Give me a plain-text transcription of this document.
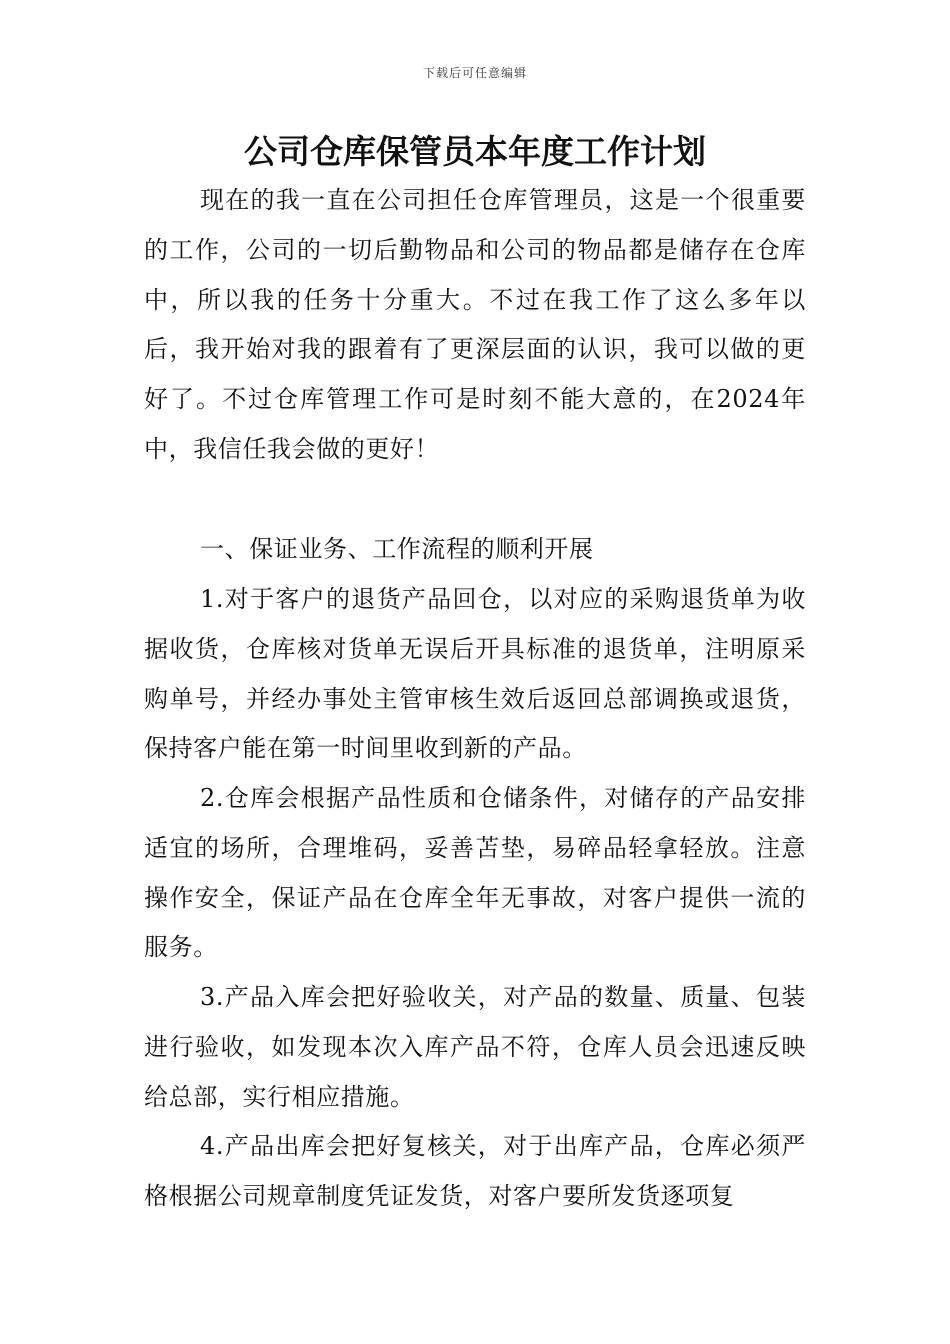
下载后可任意编辑
公司仓库保管员本年度工作计划

现在的我一直在公司担任仓库管理员，这是一个很重要的工作，公司的一切后勤物品和公司的物品都是储存在仓库中，所以我的任务十分重大。不过在我工作了这么多年以后，我开始对我的跟着有了更深层面的认识，我可以做的更好了。不过仓库管理工作可是时刻不能大意的，在2024年中，我信任我会做的更好！

一、保证业务、工作流程的顺利开展

1.对于客户的退货产品回仓，以对应的采购退货单为收据收货，仓库核对货单无误后开具标准的退货单，注明原采购单号，并经办事处主管审核生效后返回总部调换或退货，保持客户能在第一时间里收到新的产品。

2.仓库会根据产品性质和仓储条件，对储存的产品安排适宜的场所，合理堆码，妥善苫垫，易碎品轻拿轻放。注意操作安全，保证产品在仓库全年无事故，对客户提供一流的服务。

3.产品入库会把好验收关，对产品的数量、质量、包装进行验收，如发现本次入库产品不符，仓库人员会迅速反映给总部，实行相应措施。

4.产品出库会把好复核关，对于出库产品，仓库必须严格根据公司规章制度凭证发货，对客户要所发货逐项复
